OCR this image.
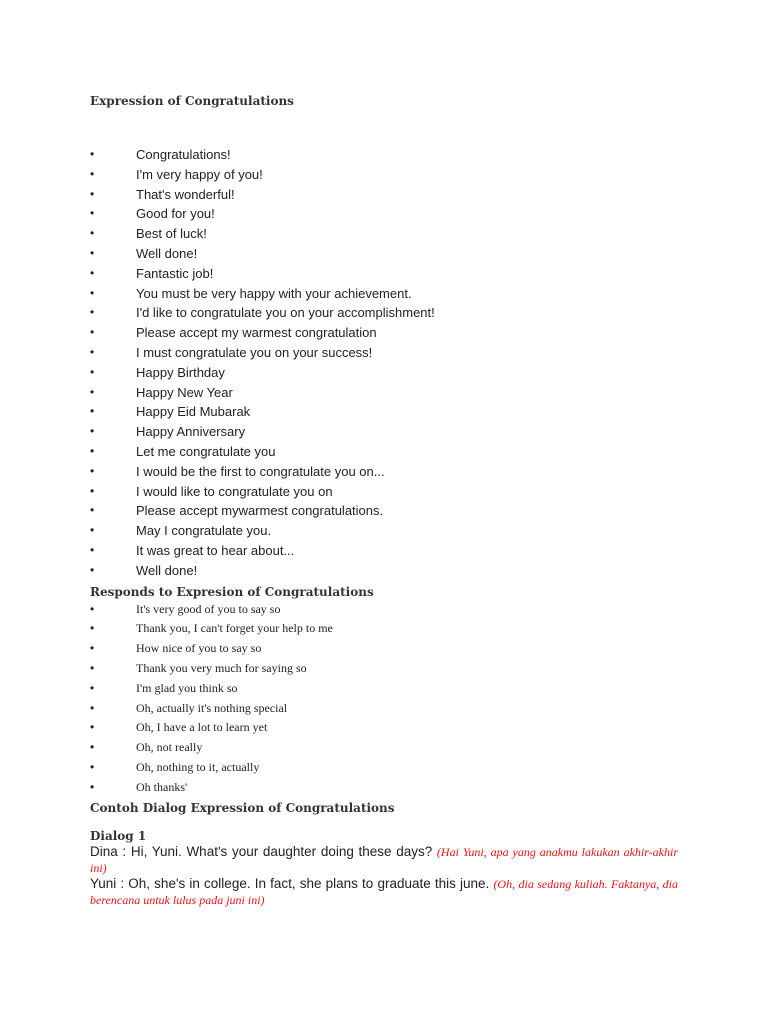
Expression of Congratulations
• Congratulations!
• I'm very happy of you!
• That's wonderful!
• Good for you!
• Best of luck!
• Well done!
• Fantastic job!
• You must be very happy with your achievement.
• I'd like to congratulate you on your accomplishment!
• Please accept my warmest congratulation
• I must congratulate you on your success!
• Happy Birthday
• Happy New Year
• Happy Eid Mubarak
• Happy Anniversary
• Let me congratulate you
• I would be the first to congratulate you on...
• I would like to congratulate you on
• Please accept mywarmest congratulations.
• May I congratulate you.
• It was great to hear about...
• Well done!
Responds to Expresion of Congratulations
• It's very good of you to say so
• Thank you, I can't forget your help to me
• How nice of you to say so
• Thank you very much for saying so
• I'm glad you think so
• Oh, actually it's nothing special
• Oh, I have a lot to learn yet
• Oh, not really
• Oh, nothing to it, actually
• Oh thanks'
Contoh Dialog Expression of Congratulations
Dialog 1

Dina : Hi, Yuni. What's your daughter doing these days? (Hai Yuni, apa yang anakmu lakukan akhir-akhir ini)

Yuni : Oh, she's in college. In fact, she plans to graduate this june. (Oh, dia sedang kuliah. Faktanya, dia berencana untuk lulus pada juni ini)
